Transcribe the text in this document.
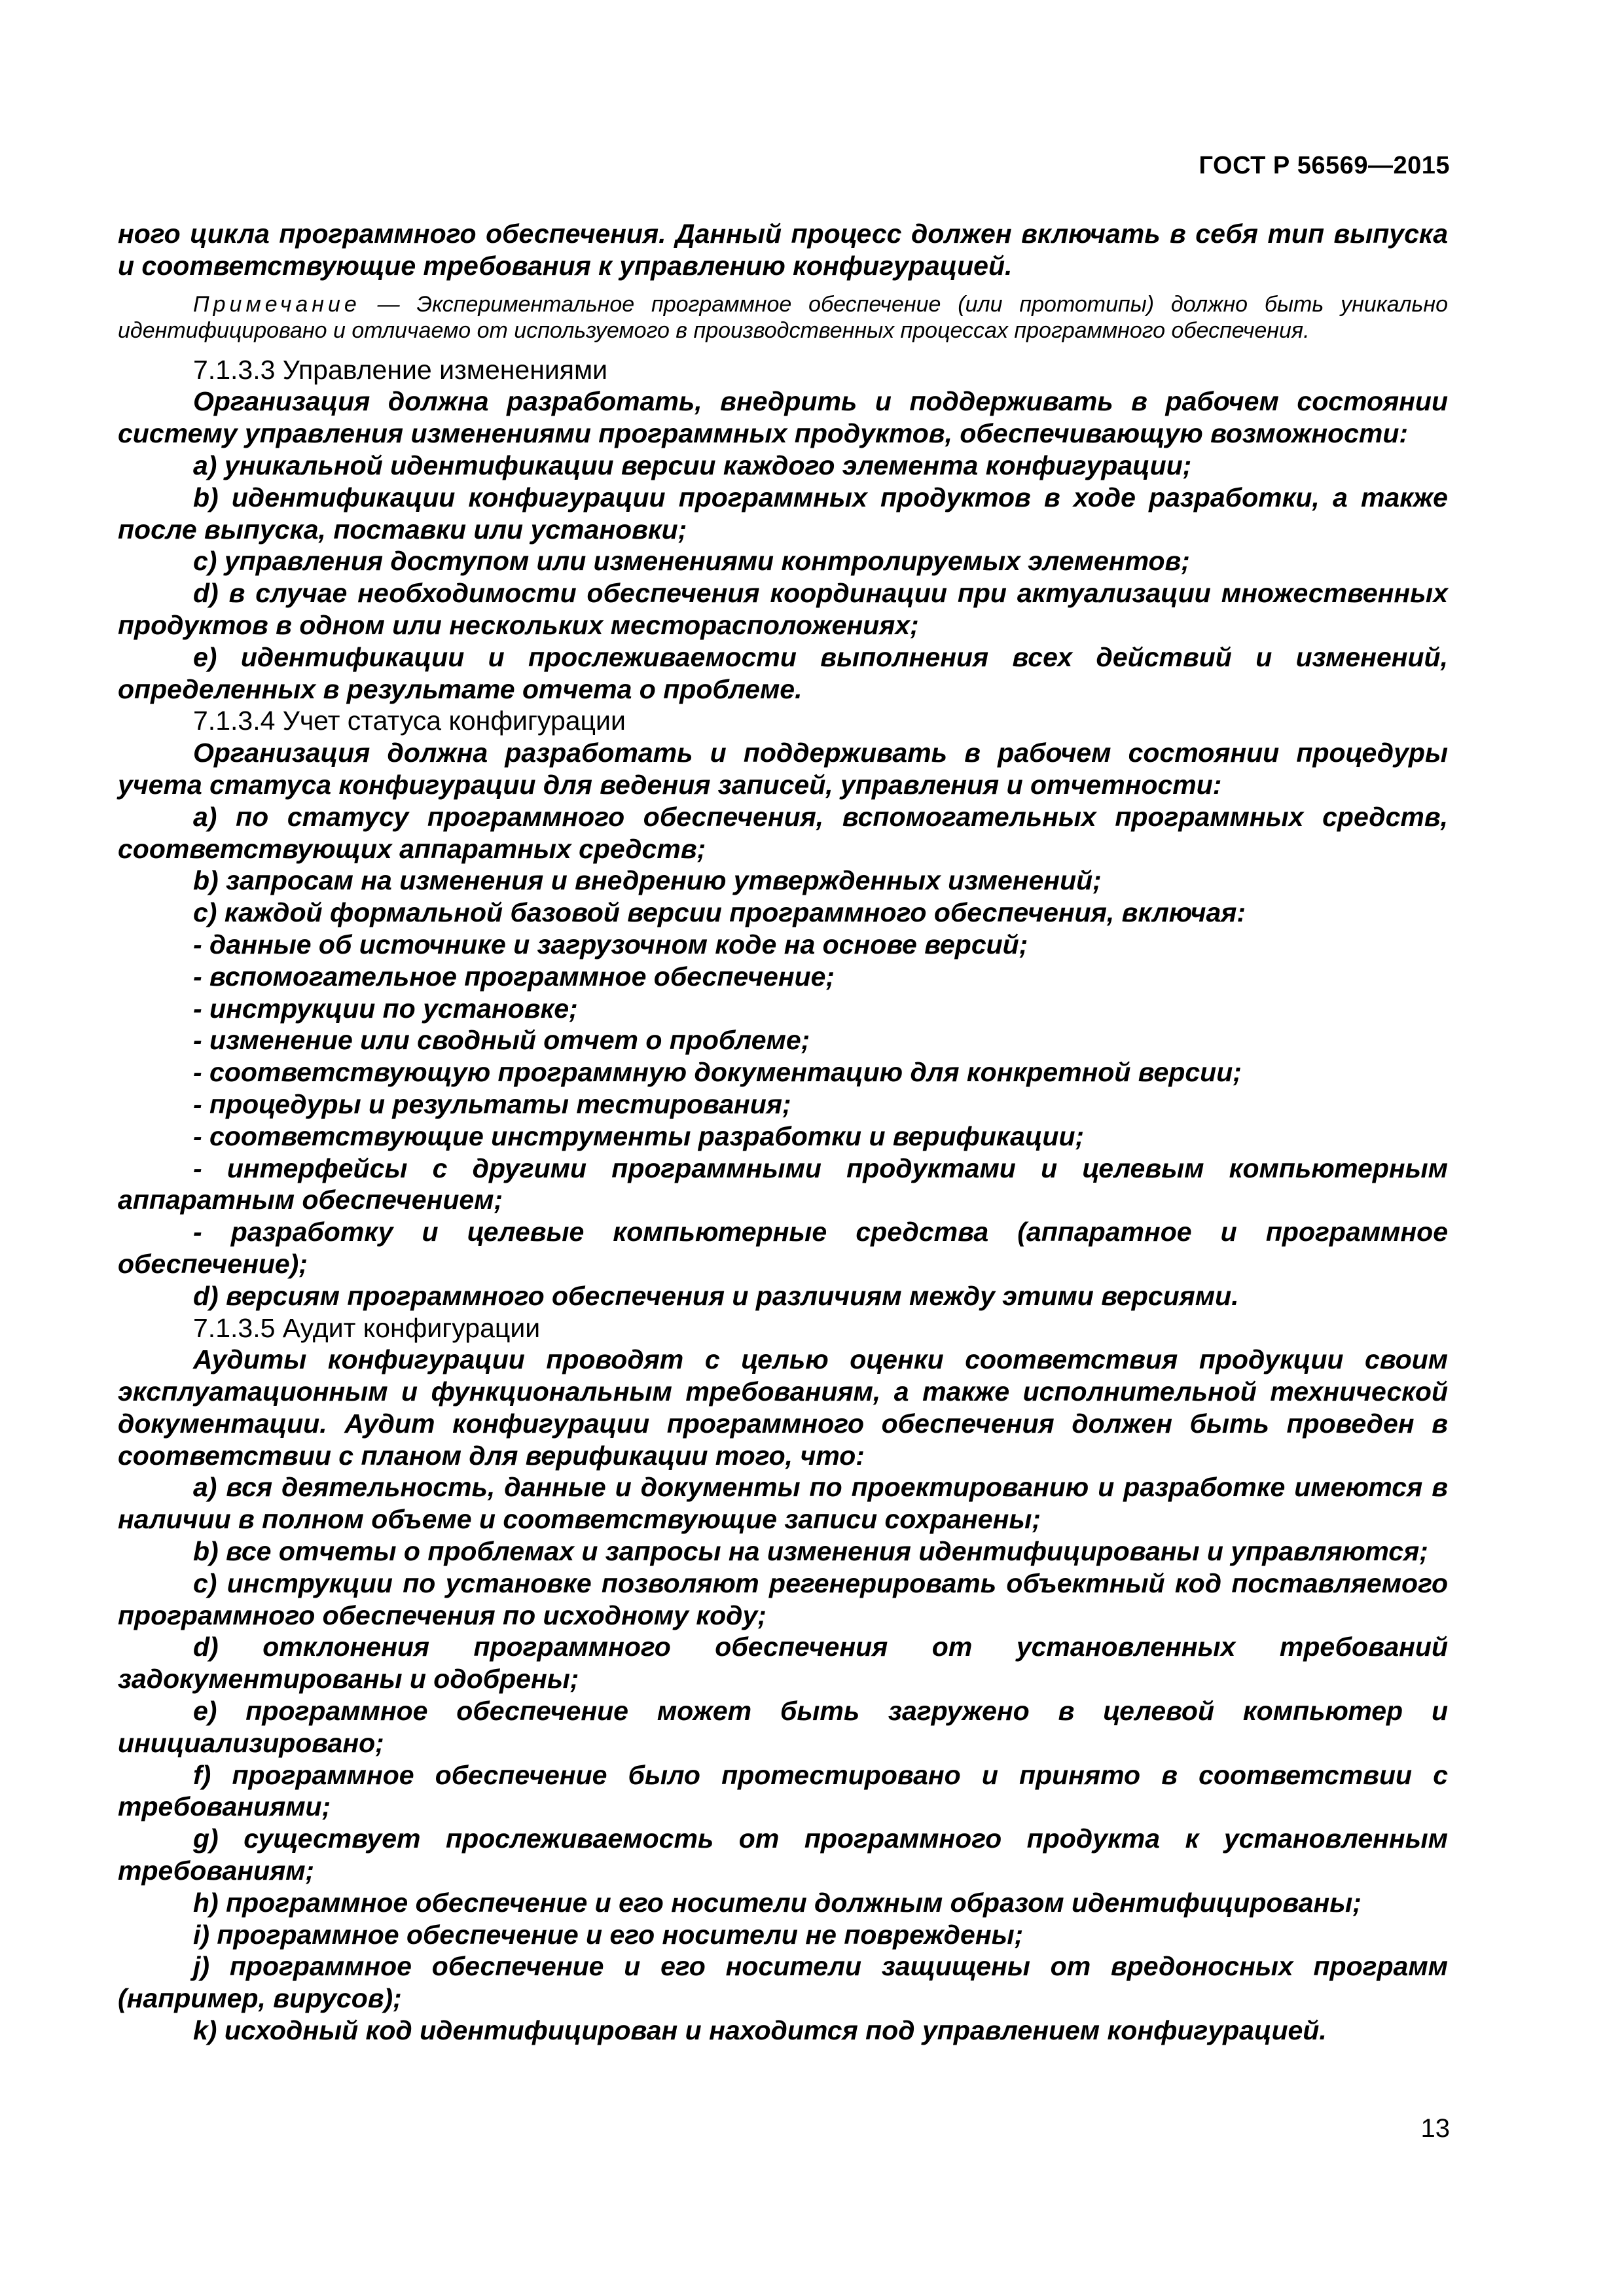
ГОСТ Р 56569—2015

ного цикла программного обеспечения. Данный процесс должен включать в себя тип выпуска и соответствующие требования к управлению конфигурацией.

Примечание — Экспериментальное программное обеспечение (или прототипы) должно быть уникально идентифицировано и отличаемо от используемого в производственных процессах программного обеспечения.

7.1.3.3 Управление изменениями

Организация должна разработать, внедрить и поддерживать в рабочем состоянии систему управления изменениями программных продуктов, обеспечивающую возможности:

a) уникальной идентификации версии каждого элемента конфигурации;

b) идентификации конфигурации программных продуктов в ходе разработки, а также после выпуска, поставки или установки;

c) управления доступом или изменениями контролируемых элементов;

d) в случае необходимости обеспечения координации при актуализации множественных продуктов в одном или нескольких месторасположениях;

e) идентификации и прослеживаемости выполнения всех действий и изменений, определенных в результате отчета о проблеме.

7.1.3.4 Учет статуса конфигурации

Организация должна разработать и поддерживать в рабочем состоянии процедуры учета статуса конфигурации для ведения записей, управления и отчетности:

a) по статусу программного обеспечения, вспомогательных программных средств, соответствующих аппаратных средств;

b) запросам на изменения и внедрению утвержденных изменений;

c) каждой формальной базовой версии программного обеспечения, включая:

- данные об источнике и загрузочном коде на основе версий;

- вспомогательное программное обеспечение;

- инструкции по установке;

- изменение или сводный отчет о проблеме;

- соответствующую программную документацию для конкретной версии;

- процедуры и результаты тестирования;

- соответствующие инструменты разработки и верификации;

- интерфейсы с другими программными продуктами и целевым компьютерным аппаратным обеспечением;

- разработку и целевые компьютерные средства (аппаратное и программное обеспечение);

d) версиям программного обеспечения и различиям между этими версиями.

7.1.3.5 Аудит конфигурации

Аудиты конфигурации проводят с целью оценки соответствия продукции своим эксплуатационным и функциональным требованиям, а также исполнительной технической документации. Аудит конфигурации программного обеспечения должен быть проведен в соответствии с планом для верификации того, что:

a) вся деятельность, данные и документы по проектированию и разработке имеются в наличии в полном объеме и соответствующие записи сохранены;

b) все отчеты о проблемах и запросы на изменения идентифицированы и управляются;

c) инструкции по установке позволяют регенерировать объектный код поставляемого программного обеспечения по исходному коду;

d) отклонения программного обеспечения от установленных требований задокументированы и одобрены;

e) программное обеспечение может быть загружено в целевой компьютер и инициализировано;

f) программное обеспечение было протестировано и принято в соответствии с требованиями;

g) существует прослеживаемость от программного продукта к установленным требованиям;

h) программное обеспечение и его носители должным образом идентифицированы;

i) программное обеспечение и его носители не повреждены;

j) программное обеспечение и его носители защищены от вредоносных программ (например, вирусов);

k) исходный код идентифицирован и находится под управлением конфигурацией.

13
